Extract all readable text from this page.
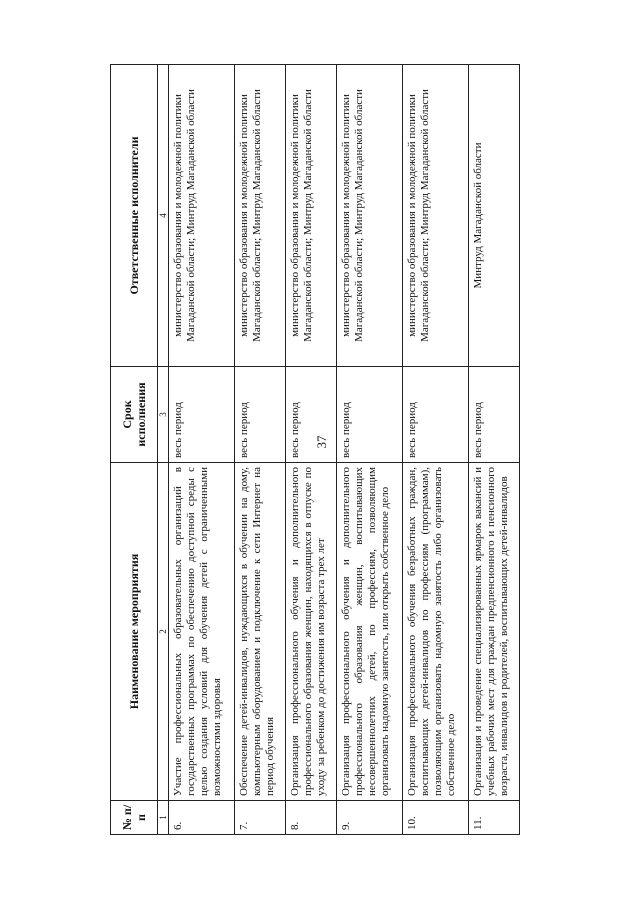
37
№ п/п	Наименование мероприятия	Срок исполнения	Ответственные исполнители
1	2	3	4
6.	Участие профессиональных образовательных организаций в государственных программах по обеспечению доступной среды с целью создания условий для обучения детей с ограниченными возможностями здоровья	весь период	министерство образования и молодежной политики Магаданской области; Минтруд Магаданской области
7.	Обеспечение детей-инвалидов, нуждающихся в обучении на дому, компьютерным оборудованием и подключение к сети Интернет на период обучения	весь период	министерство образования и молодежной политики Магаданской области; Минтруд Магаданской области
8.	Организация профессионального обучения и дополнительного профессионального образования женщин, находящихся в отпуске по уходу за ребенком до достижения им возраста трех лет	весь период	министерство образования и молодежной политики Магаданской области; Минтруд Магаданской области
9.	Организация профессионального обучения и дополнительного профессионального образования женщин, воспитывающих несовершеннолетних детей, по профессиям, позволяющим организовать надомную занятость, или открыть собственное дело	весь период	министерство образования и молодежной политики Магаданской области; Минтруд Магаданской области
10.	Организация профессионального обучения безработных граждан, воспитывающих детей-инвалидов по профессиям (программам), позволяющим организовать надомную занятость либо организовать собственное дело	весь период	министерство образования и молодежной политики Магаданской области; Минтруд Магаданской области
11.	Организация и проведение специализированных ярмарок вакансий и учебных рабочих мест для граждан предпенсионного и пенсионного возраста, инвалидов и родителей, воспитывающих детей-инвалидов	весь период	Минтруд Магаданской области
